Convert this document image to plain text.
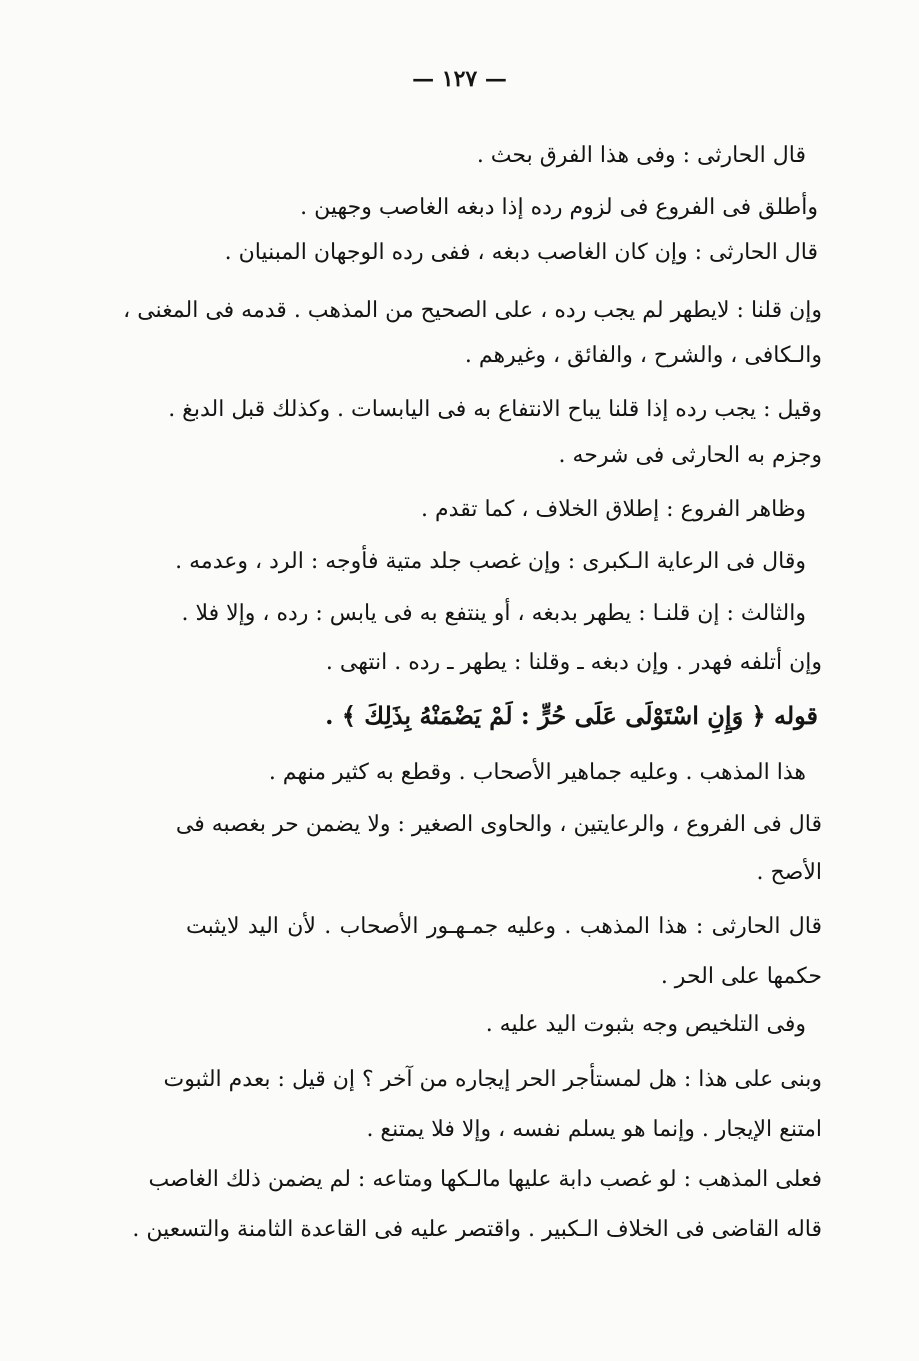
— ١٢٧ —
قال الحارثى : وفى هذا الفرق بحث .
وأطلق فى الفروع فى لزوم رده إذا دبغه الغاصب وجهين .
قال الحارثى : وإن كان الغاصب دبغه ، ففى رده الوجهان المبنيان .
وإن قلنا : لايطهر لم يجب رده ، على الصحيح من المذهب . قدمه فى المغنى ،
والـكافى ، والشرح ، والفائق ، وغيرهم .
وقيل : يجب رده إذا قلنا يباح الانتفاع به فى اليابسات . وكذلك قبل الدبغ .
وجزم به الحارثى فى شرحه .
وظاهر الفروع : إطلاق الخلاف ، كما تقدم .
وقال فى الرعاية الـكبرى : وإن غصب جلد متية فأوجه : الرد ، وعدمه .
والثالث : إن قلنـا : يطهر بدبغه ، أو ينتفع به فى يابس : رده ، وإلا فلا .
وإن أتلفه فهدر . وإن دبغه ـ وقلنا : يطهر ـ رده . انتهى .
قوله ﴿ وَإِنِ اسْتَوْلَى عَلَى حُرٍّ : لَمْ يَضْمَنْهُ بِذَلِكَ ﴾ .
هذا المذهب . وعليه جماهير الأصحاب . وقطع به كثير منهم .
قال فى الفروع ، والرعايتين ، والحاوى الصغير : ولا يضمن حر بغصبه فى
الأصح .
قال الحارثى : هذا المذهب . وعليه جمـهـور الأصحاب . لأن اليد لايثبت
حكمها على الحر .
وفى التلخيص وجه بثبوت اليد عليه .
وبنى على هذا : هل لمستأجر الحر إيجاره من آخر ؟ إن قيل : بعدم الثبوت
امتنع الإيجار . وإنما هو يسلم نفسه ، وإلا فلا يمتنع .
فعلى المذهب : لو غصب دابة عليها مالـكها ومتاعه : لم يضمن ذلك الغاصب
قاله القاضى فى الخلاف الـكبير . واقتصر عليه فى القاعدة الثامنة والتسعين .
